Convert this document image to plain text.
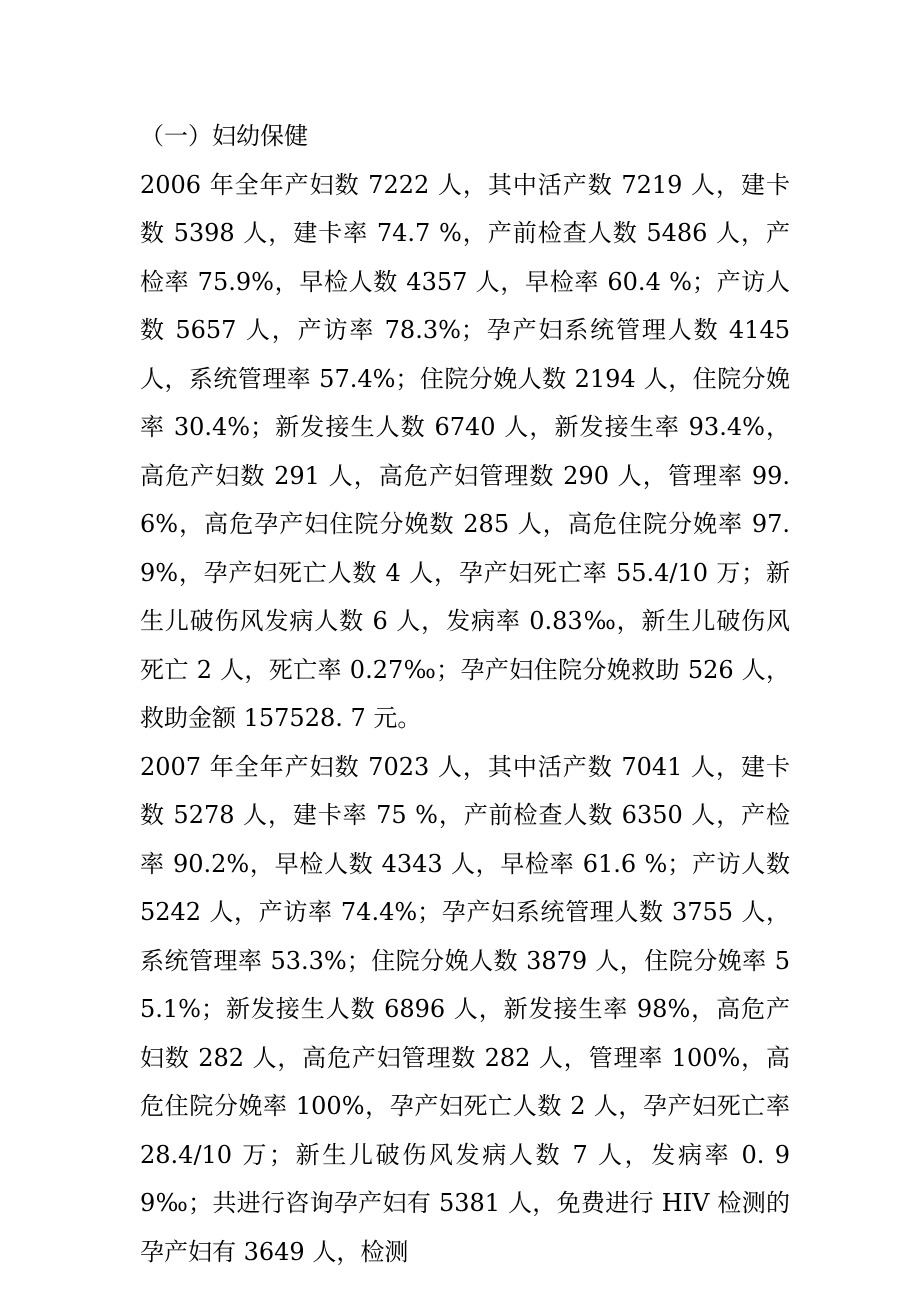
（一）妇幼保健

2006 年全年产妇数 7222 人，其中活产数 7219 人，建卡数 5398 人，建卡率 74.7 %，产前检查人数 5486 人，产检率 75.9%，早检人数 4357 人，早检率 60.4 %；产访人数 5657 人，产访率 78.3%；孕产妇系统管理人数 4145 人，系统管理率 57.4%；住院分娩人数 2194 人，住院分娩率 30.4%；新发接生人数 6740 人，新发接生率 93.4%，高危产妇数 291 人，高危产妇管理数 290 人，管理率 99.6%，高危孕产妇住院分娩数 285 人，高危住院分娩率 97.9%，孕产妇死亡人数 4 人，孕产妇死亡率 55.4/10 万；新生儿破伤风发病人数 6 人，发病率 0.83‰，新生儿破伤风死亡 2 人，死亡率 0.27‰；孕产妇住院分娩救助 526 人，救助金额 157528. 7 元。

2007 年全年产妇数 7023 人，其中活产数 7041 人，建卡数 5278 人，建卡率 75 %，产前检查人数 6350 人，产检率 90.2%，早检人数 4343 人，早检率 61.6 %；产访人数 5242 人，产访率 74.4%；孕产妇系统管理人数 3755 人，系统管理率 53.3%；住院分娩人数 3879 人，住院分娩率 55.1%；新发接生人数 6896 人，新发接生率 98%，高危产妇数 282 人，高危产妇管理数 282 人，管理率 100%，高危住院分娩率 100%，孕产妇死亡人数 2 人，孕产妇死亡率 28.4/10 万；新生儿破伤风发病人数 7 人，发病率 0. 99‰；共进行咨询孕产妇有 5381 人，免费进行 HIV 检测的孕产妇有 3649 人，检测
